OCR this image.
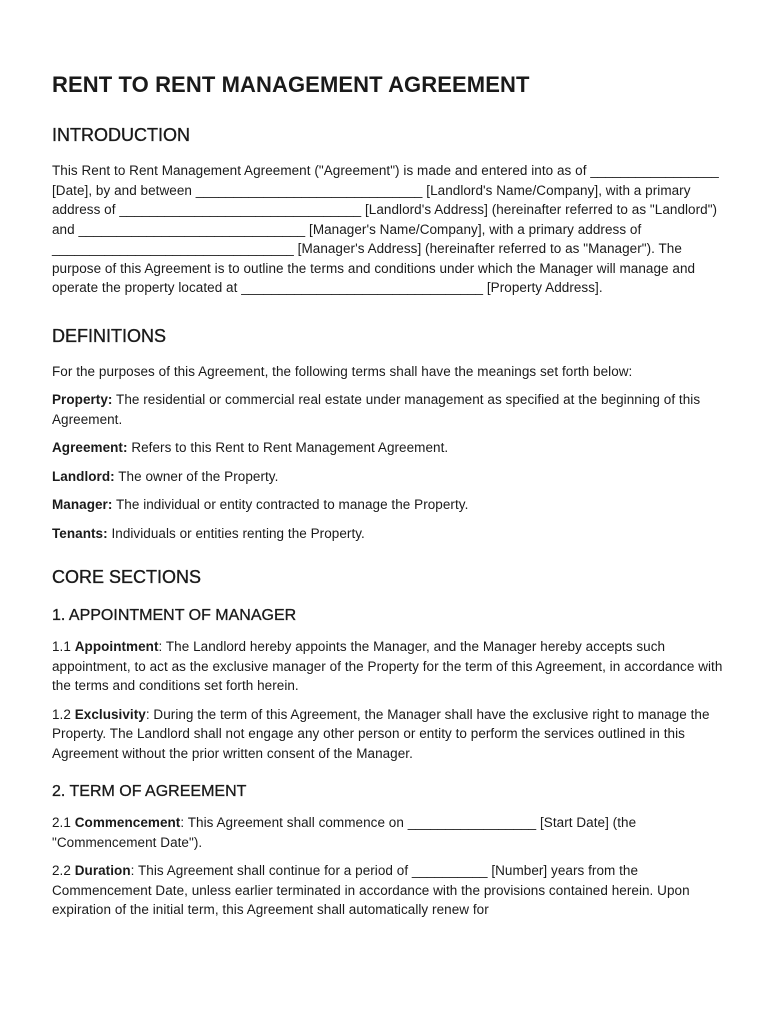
RENT TO RENT MANAGEMENT AGREEMENT
INTRODUCTION

This Rent to Rent Management Agreement ("Agreement") is made and entered into as of _________________ [Date], by and between ______________________________ [Landlord's Name/Company], with a primary address of ________________________________ [Landlord's Address] (hereinafter referred to as "Landlord") and ______________________________ [Manager's Name/Company], with a primary address of ________________________________ [Manager's Address] (hereinafter referred to as "Manager"). The purpose of this Agreement is to outline the terms and conditions under which the Manager will manage and operate the property located at ________________________________ [Property Address].

DEFINITIONS

For the purposes of this Agreement, the following terms shall have the meanings set forth below:

Property: The residential or commercial real estate under management as specified at the beginning of this Agreement.

Agreement: Refers to this Rent to Rent Management Agreement.

Landlord: The owner of the Property.

Manager: The individual or entity contracted to manage the Property.

Tenants: Individuals or entities renting the Property.

CORE SECTIONS
1. APPOINTMENT OF MANAGER

1.1 Appointment: The Landlord hereby appoints the Manager, and the Manager hereby accepts such appointment, to act as the exclusive manager of the Property for the term of this Agreement, in accordance with the terms and conditions set forth herein.

1.2 Exclusivity: During the term of this Agreement, the Manager shall have the exclusive right to manage the Property. The Landlord shall not engage any other person or entity to perform the services outlined in this Agreement without the prior written consent of the Manager.

2. TERM OF AGREEMENT

2.1 Commencement: This Agreement shall commence on _________________ [Start Date] (the "Commencement Date").

2.2 Duration: This Agreement shall continue for a period of __________ [Number] years from the Commencement Date, unless earlier terminated in accordance with the provisions contained herein. Upon expiration of the initial term, this Agreement shall automatically renew for
